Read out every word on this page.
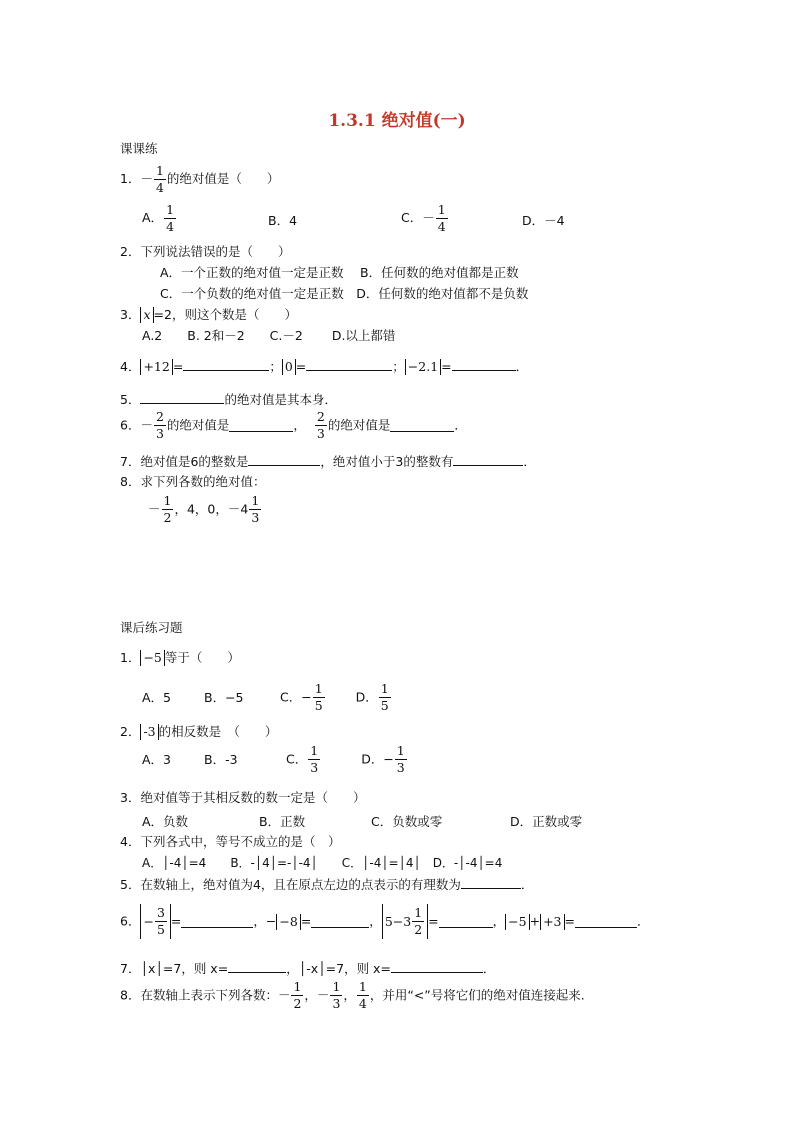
1.3.1 绝对值(一)
课课练
1．－ $\frac{1}{4}$ 的绝对值是（　　）
A． $\frac{1}{4}$	B．4	C．－ $\frac{1}{4}$	D．－4
2．下列说法错误的是（　　）
A．一个正数的绝对值一定是正数　 B．任何数的绝对值都是正数
C．一个负数的绝对值一定是正数　D．任何数的绝对值都不是负数
3． x =2，则这个数是（　　）
A.2　　B. 2和－2　　C.－2　　 D.以上都错
4． +12 =	； 0 =	； −2.1 =	．
5．	的绝对值是其本身．
6．－ $\frac{2}{3}$ 的绝对值是	， $\frac{2}{3}$ 的绝对值是	．
7．绝对值是6的整数是	，绝对值小于3的整数有	．
8．求下列各数的绝对值：
－ $\frac{1}{2}$ ，4，0，$-4 \frac{1}{3}$
课后练习题
1． −5 等于（　　）
A．5	B．−5	C．− $\frac{1}{5}$ D． $\frac{1}{5}$
2． -3 的相反数是　（　　）
A．3	B．-3	C． $\frac{1}{3}$	D．− $\frac{1}{3}$
3．绝对值等于其相反数的数一定是（　　）
A．负数	B．正数	C．负数或零	D．正数或零
4．下列各式中，等号不成立的是（　）
A．│-4│=4　　B．-│4│=-│-4│　　C．│-4│=│4│　D．-│-4│=4
5．在数轴上，绝对值为4，且在原点左边的点表示的有理数为	．
6． − $\frac{3}{5}$ =	，− −8 =	， $5-3 \frac{1}{2}$ =	， −5 + +3 =	．
7．│x│=7，则 x=	，│-x│=7，则 x=	．
8．在数轴上表示下列各数：－ $\frac{1}{2}$ ，－ $\frac{1}{3}$ ， $\frac{1}{4}$ ，并用“<”号将它们的绝对值连接起来.
